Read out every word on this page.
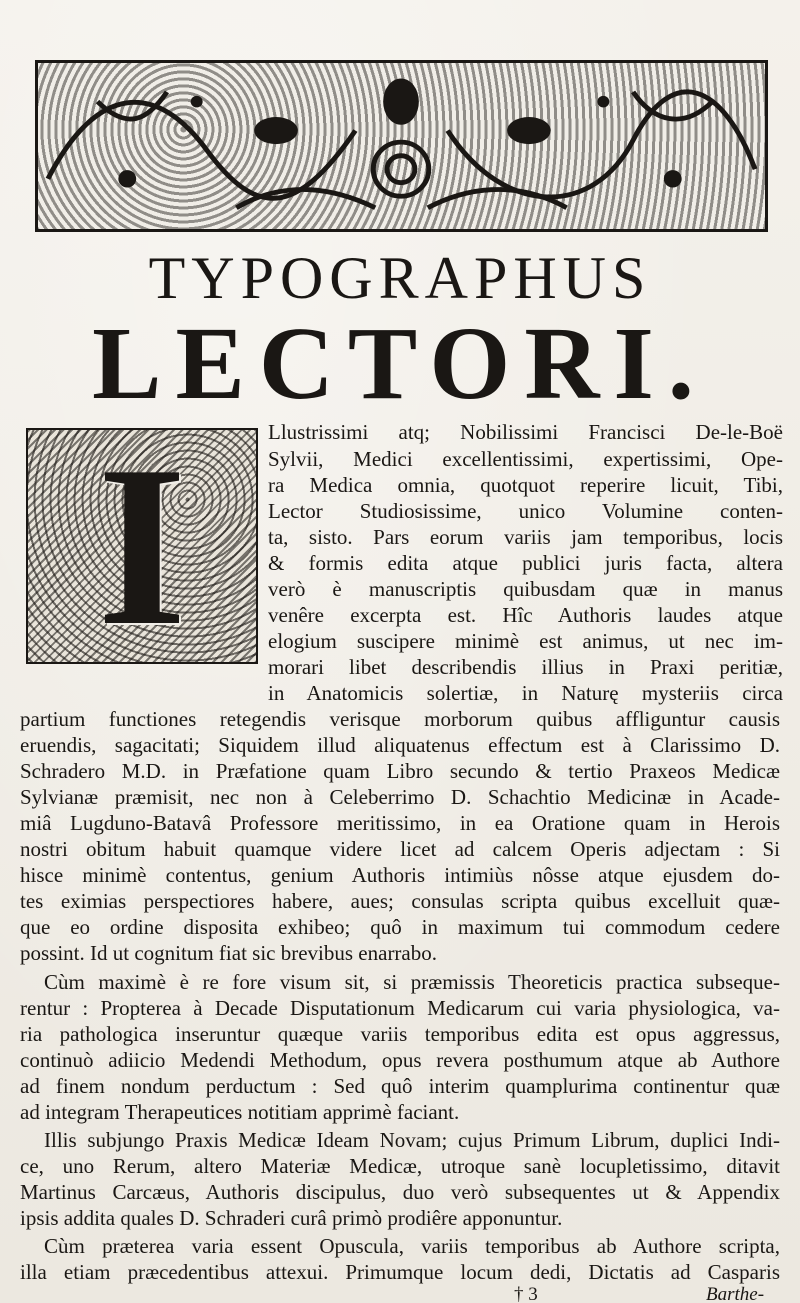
TYPOGRAPHUS
LECTORI.
I	Llustrissimi atq; Nobilissimi Francisci De-le-Boë
Sylvii, Medici excellentissimi, expertissimi, Ope-
ra Medica omnia, quotquot reperire licuit, Tibi,
Lector Studiosissime, unico Volumine conten-
ta, sisto. Pars eorum variis jam temporibus, locis
& formis edita atque publici juris facta, altera
verò è manuscriptis quibusdam quæ in manus
venêre excerpta est. Hîc Authoris laudes atque
elogium suscipere minimè est animus, ut nec im-
morari libet describendis illius in Praxi peritiæ,
in Anatomicis solertiæ, in Naturę mysteriis circa
partium functiones retegendis verisque morborum quibus affliguntur causis
eruendis, sagacitati; Siquidem illud aliquatenus effectum est à Clarissimo D.
Schradero M.D. in Præfatione quam Libro secundo & tertio Praxeos Medicæ
Sylvianæ præmisit, nec non à Celeberrimo D. Schachtio Medicinæ in Acade-
miâ Lugduno-Batavâ Professore meritissimo, in ea Oratione quam in Herois
nostri obitum habuit quamque videre licet ad calcem Operis adjectam : Si
hisce minimè contentus, genium Authoris intimiùs nôsse atque ejusdem do-
tes eximias perspectiores habere, aues; consulas scripta quibus excelluit quæ-
que eo ordine disposita exhibeo; quô in maximum tui commodum cedere
possint. Id ut cognitum fiat sic brevibus enarrabo.
Cùm maximè è re fore visum sit, si præmissis Theoreticis practica subseque-
rentur : Propterea à Decade Disputationum Medicarum cui varia physiologica, va-
ria pathologica inseruntur quæque variis temporibus edita est opus aggressus,
continuò adiicio Medendi Methodum, opus revera posthumum atque ab Authore
ad finem nondum perductum : Sed quô interim quamplurima continentur quæ
ad integram Therapeutices notitiam apprimè faciant.
Illis subjungo Praxis Medicæ Ideam Novam; cujus Primum Librum, duplici Indi-
ce, uno Rerum, altero Materiæ Medicæ, utroque sanè locupletissimo, ditavit
Martinus Carcæus, Authoris discipulus, duo verò subsequentes ut & Appendix
ipsis addita quales D. Schraderi curâ primò prodiêre apponuntur.
Cùm præterea varia essent Opuscula, variis temporibus ab Authore scripta,
illa etiam præcedentibus attexui. Primumque locum dedi, Dictatis ad Casparis
† 3	Barthe-
